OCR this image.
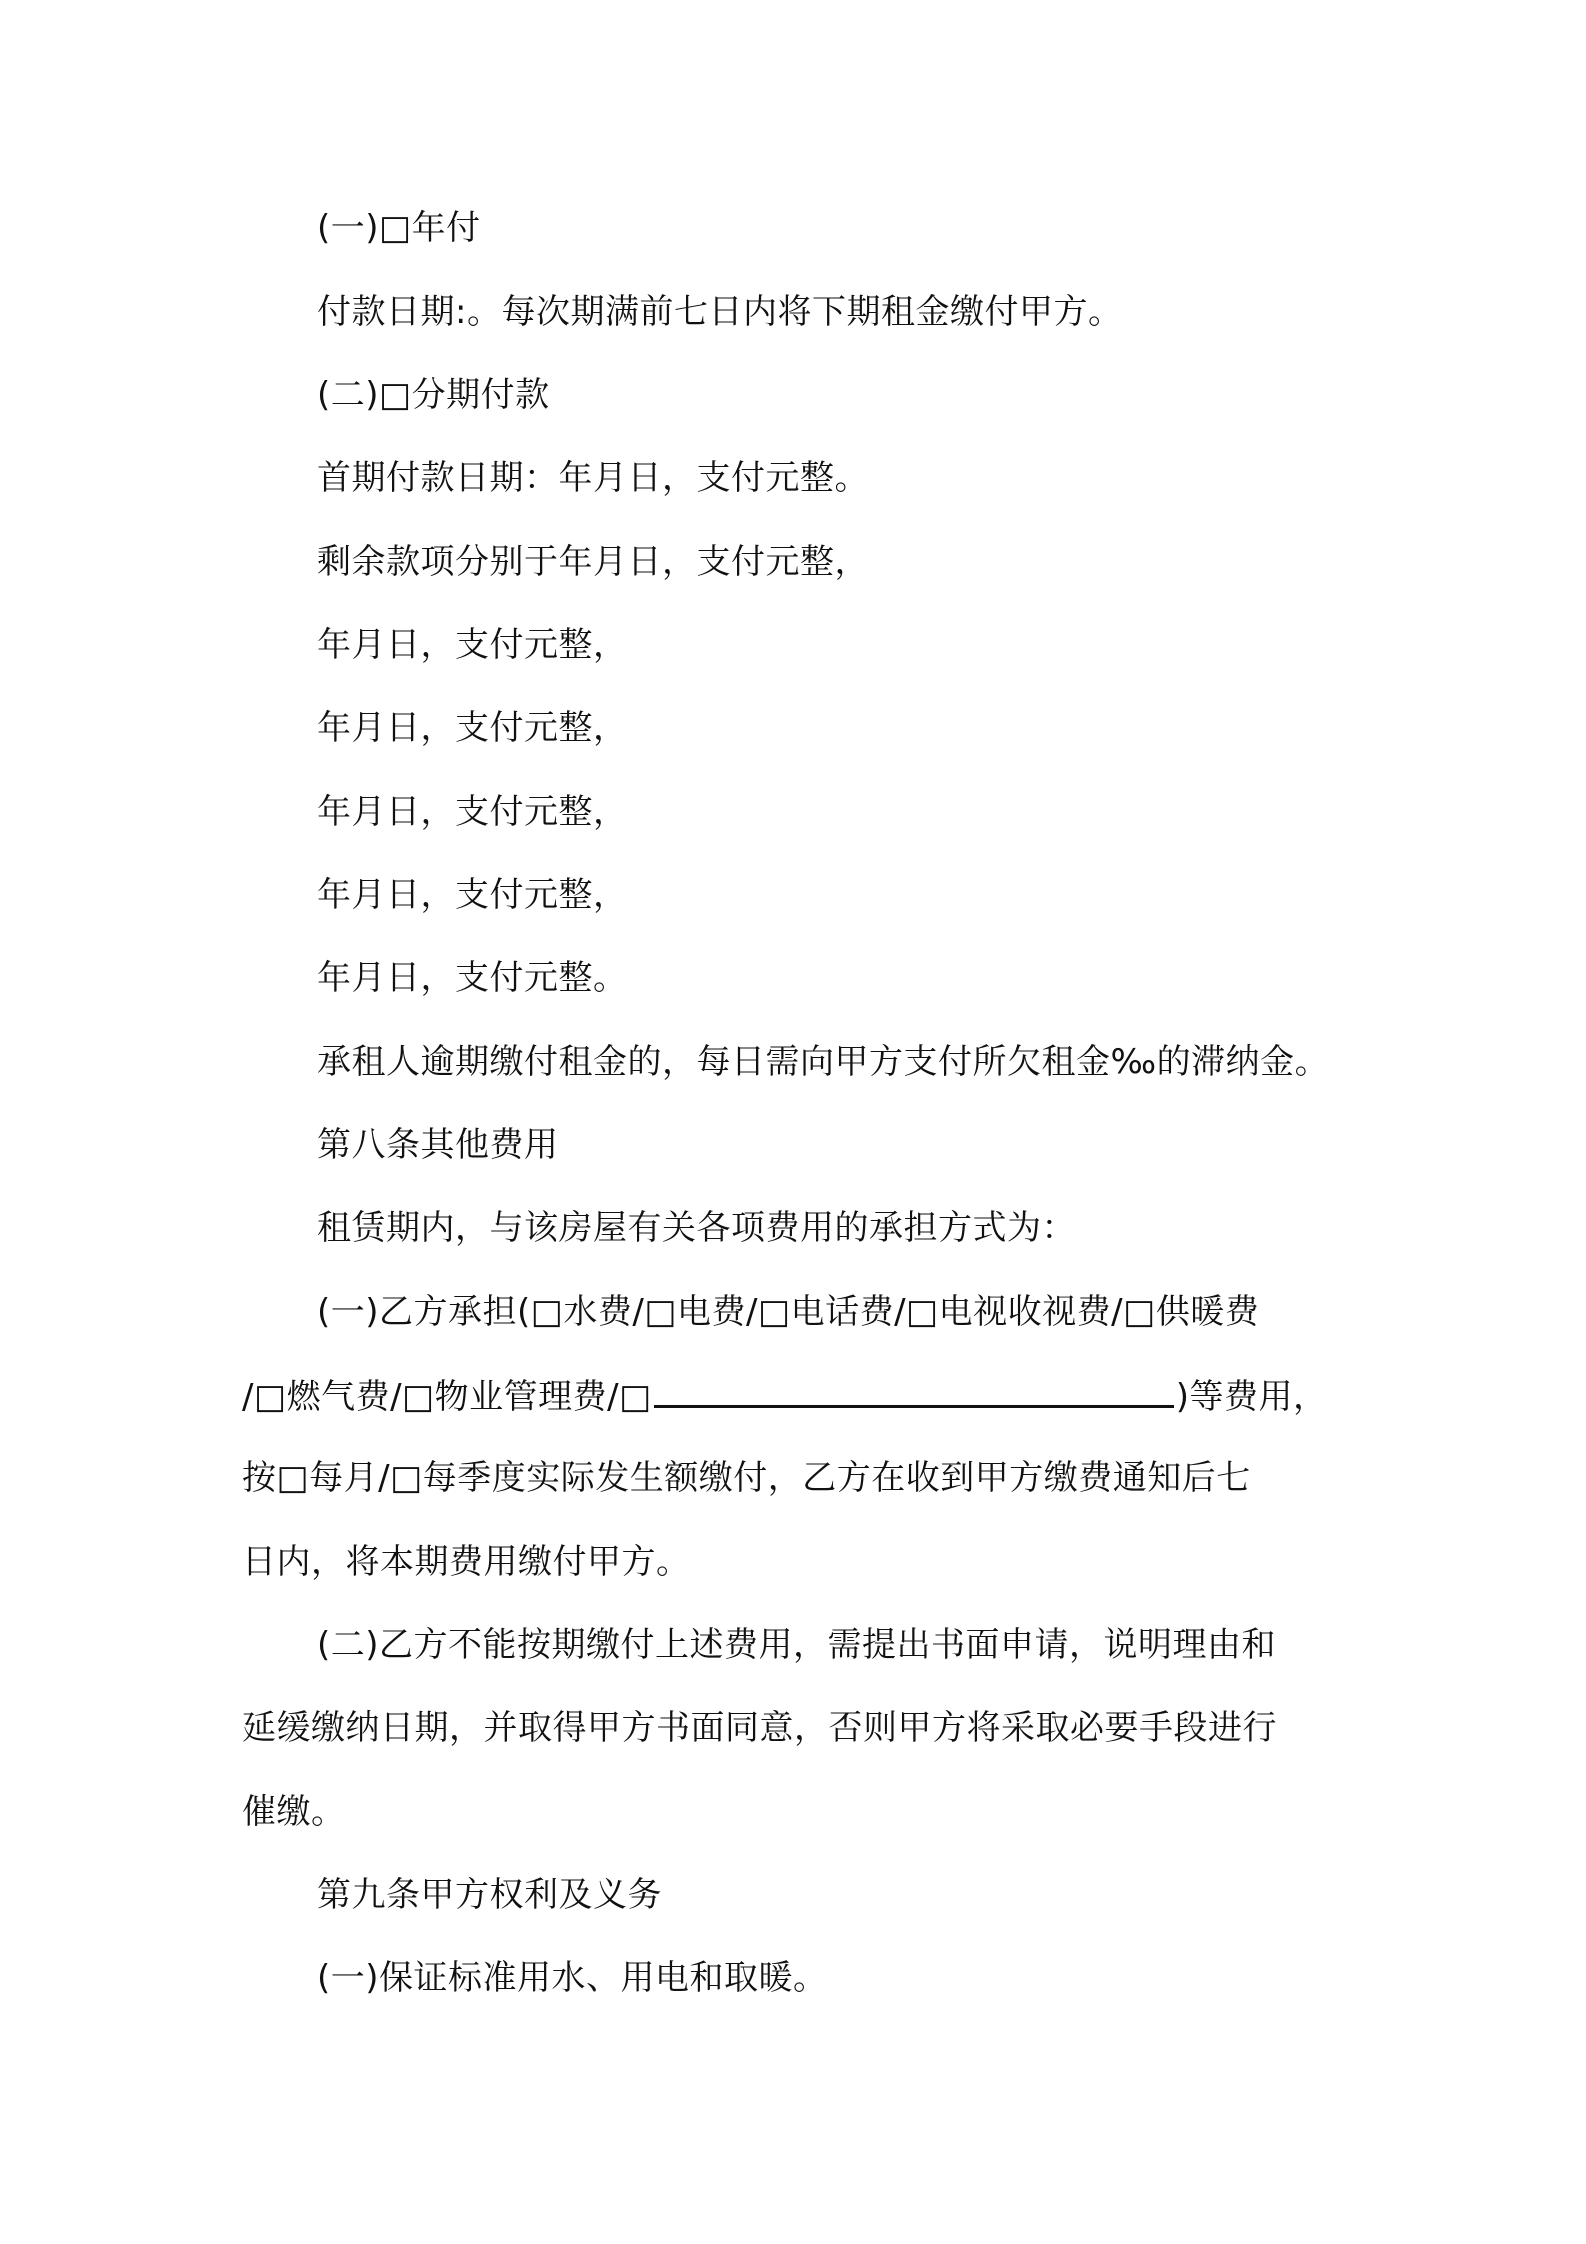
(一)□年付
付款日期:。每次期满前七日内将下期租金缴付甲方。
(二)□分期付款
首期付款日期：年月日，支付元整。
剩余款项分别于年月日，支付元整，
年月日，支付元整，
年月日，支付元整，
年月日，支付元整，
年月日，支付元整，
年月日，支付元整。
承租人逾期缴付租金的，每日需向甲方支付所欠租金‰的滞纳金。
第八条其他费用
租赁期内，与该房屋有关各项费用的承担方式为：
(一)乙方承担(□水费/□电费/□电话费/□电视收视费/□供暖费
/□燃气费/□物业管理费/□	)等费用，
按□每月/□每季度实际发生额缴付，乙方在收到甲方缴费通知后七
日内，将本期费用缴付甲方。
(二)乙方不能按期缴付上述费用，需提出书面申请，说明理由和
延缓缴纳日期，并取得甲方书面同意，否则甲方将采取必要手段进行
催缴。
第九条甲方权利及义务
(一)保证标准用水、用电和取暖。
